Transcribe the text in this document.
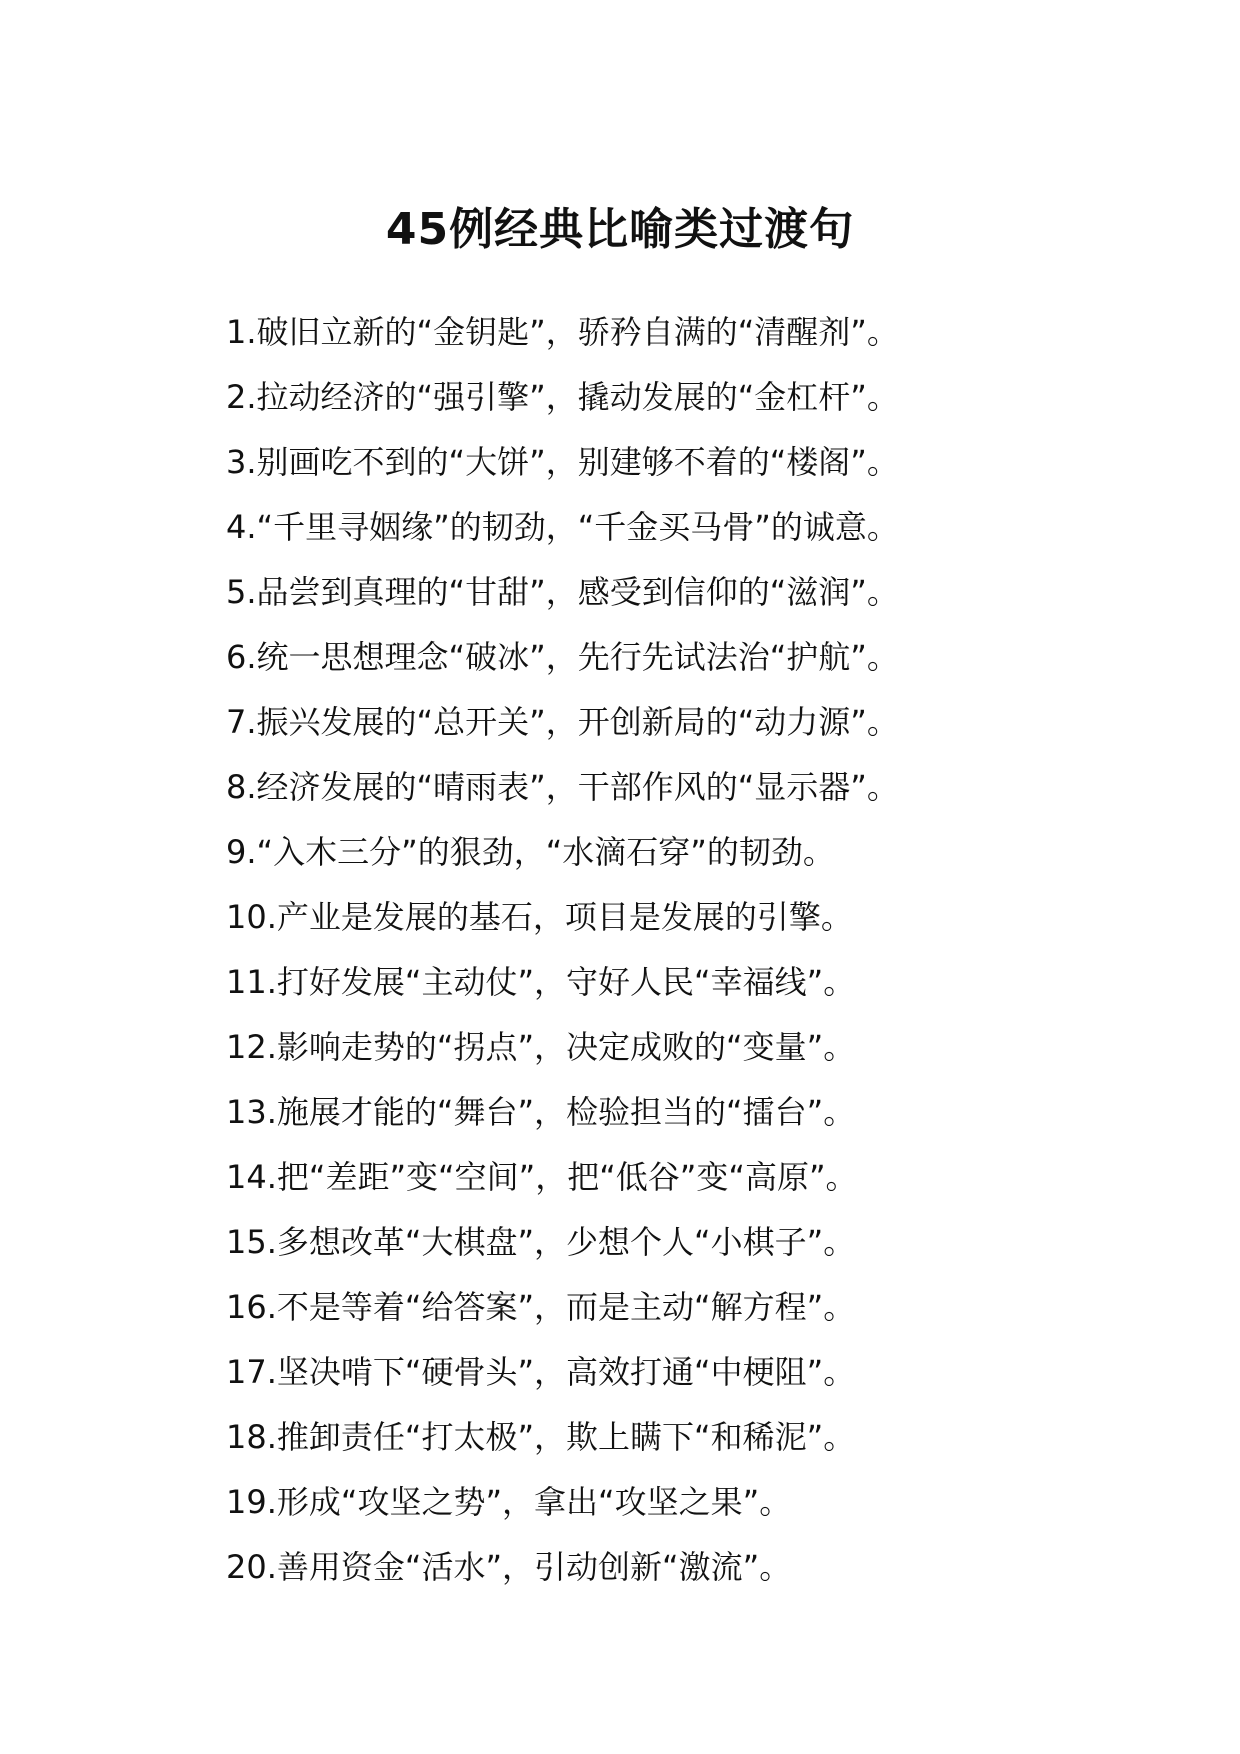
45例经典比喻类过渡句
1.破旧立新的“金钥匙”，骄矜自满的“清醒剂”。
2.拉动经济的“强引擎”，撬动发展的“金杠杆”。
3.别画吃不到的“大饼”，别建够不着的“楼阁”。
4.“千里寻姻缘”的韧劲，“千金买马骨”的诚意。
5.品尝到真理的“甘甜”，感受到信仰的“滋润”。
6.统一思想理念“破冰”，先行先试法治“护航”。
7.振兴发展的“总开关”，开创新局的“动力源”。
8.经济发展的“晴雨表”，干部作风的“显示器”。
9.“入木三分”的狠劲，“水滴石穿”的韧劲。
10.产业是发展的基石，项目是发展的引擎。
11.打好发展“主动仗”，守好人民“幸福线”。
12.影响走势的“拐点”，决定成败的“变量”。
13.施展才能的“舞台”，检验担当的“擂台”。
14.把“差距”变“空间”，把“低谷”变“高原”。
15.多想改革“大棋盘”，少想个人“小棋子”。
16.不是等着“给答案”，而是主动“解方程”。
17.坚决啃下“硬骨头”，高效打通“中梗阻”。
18.推卸责任“打太极”，欺上瞒下“和稀泥”。
19.形成“攻坚之势”，拿出“攻坚之果”。
20.善用资金“活水”，引动创新“激流”。
